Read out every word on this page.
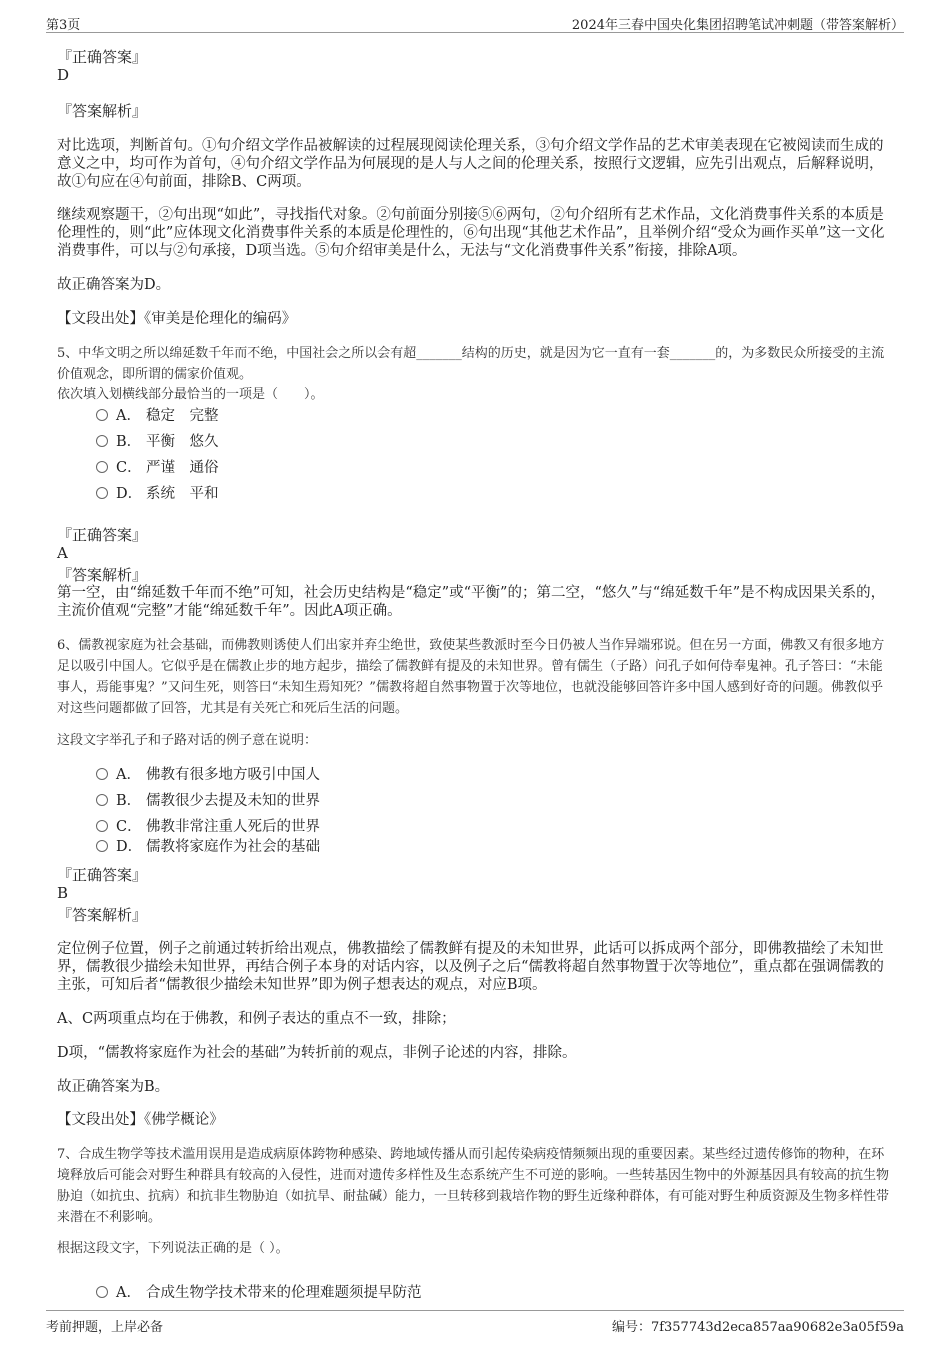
第3页	2024年三春中国央化集团招聘笔试冲刺题（带答案解析）
『正确答案』
D
『答案解析』
对比选项，判断首句。①句介绍文学作品被解读的过程展现阅读伦理关系，③句介绍文学作品的艺术审美表现在它被阅读而生成的意义之中，均可作为首句，④句介绍文学作品为何展现的是人与人之间的伦理关系，按照行文逻辑，应先引出观点，后解释说明，故①句应在④句前面，排除B、C两项。
继续观察题干，②句出现“如此”，寻找指代对象。②句前面分别接⑤⑥两句，②句介绍所有艺术作品，文化消费事件关系的本质是伦理性的，则“此”应体现文化消费事件关系的本质是伦理性的，⑥句出现“其他艺术作品”，且举例介绍“受众为画作买单”这一文化消费事件，可以与②句承接，D项当选。⑤句介绍审美是什么，无法与“文化消费事件关系”衔接，排除A项。
故正确答案为D。
【文段出处】《审美是伦理化的编码》
5、中华文明之所以绵延数千年而不绝，中国社会之所以会有超_______结构的历史，就是因为它一直有一套_______的，为多数民众所接受的主流价值观念，即所谓的儒家价值观。
依次填入划横线部分最恰当的一项是（　　）。
A． 稳定　完整
B． 平衡　悠久
C． 严谨　通俗
D． 系统　平和
『正确答案』
A
『答案解析』
第一空，由“绵延数千年而不绝”可知，社会历史结构是“稳定”或“平衡”的；第二空，“悠久”与“绵延数千年”是不构成因果关系的，主流价值观“完整”才能“绵延数千年”。因此A项正确。
6、儒教视家庭为社会基础，而佛教则诱使人们出家并弃尘绝世，致使某些教派时至今日仍被人当作异端邪说。但在另一方面，佛教又有很多地方足以吸引中国人。它似乎是在儒教止步的地方起步，描绘了儒教鲜有提及的未知世界。曾有儒生（子路）问孔子如何侍奉鬼神。孔子答曰：“未能事人，焉能事鬼？”又问生死，则答曰“未知生焉知死？”儒教将超自然事物置于次等地位，也就没能够回答许多中国人感到好奇的问题。佛教似乎对这些问题都做了回答，尤其是有关死亡和死后生活的问题。
这段文字举孔子和子路对话的例子意在说明：
A． 佛教有很多地方吸引中国人
B． 儒教很少去提及未知的世界
C． 佛教非常注重人死后的世界
D． 儒教将家庭作为社会的基础
『正确答案』
B
『答案解析』
定位例子位置，例子之前通过转折给出观点，佛教描绘了儒教鲜有提及的未知世界，此话可以拆成两个部分，即佛教描绘了未知世界，儒教很少描绘未知世界，再结合例子本身的对话内容，以及例子之后“儒教将超自然事物置于次等地位”，重点都在强调儒教的主张，可知后者“儒教很少描绘未知世界”即为例子想表达的观点，对应B项。
A、C两项重点均在于佛教，和例子表达的重点不一致，排除；
D项，“儒教将家庭作为社会的基础”为转折前的观点，非例子论述的内容，排除。
故正确答案为B。
【文段出处】《佛学概论》
7、合成生物学等技术滥用误用是造成病原体跨物种感染、跨地域传播从而引起传染病疫情频频出现的重要因素。某些经过遗传修饰的物种，在环境释放后可能会对野生种群具有较高的入侵性，进而对遗传多样性及生态系统产生不可逆的影响。一些转基因生物中的外源基因具有较高的抗生物胁迫（如抗虫、抗病）和抗非生物胁迫（如抗旱、耐盐碱）能力，一旦转移到栽培作物的野生近缘种群体，有可能对野生种质资源及生物多样性带来潜在不利影响。
根据这段文字，下列说法正确的是（ ）。
A． 合成生物学技术带来的伦理难题须提早防范
考前押题，上岸必备	编号：7f357743d2eca857aa90682e3a05f59a
